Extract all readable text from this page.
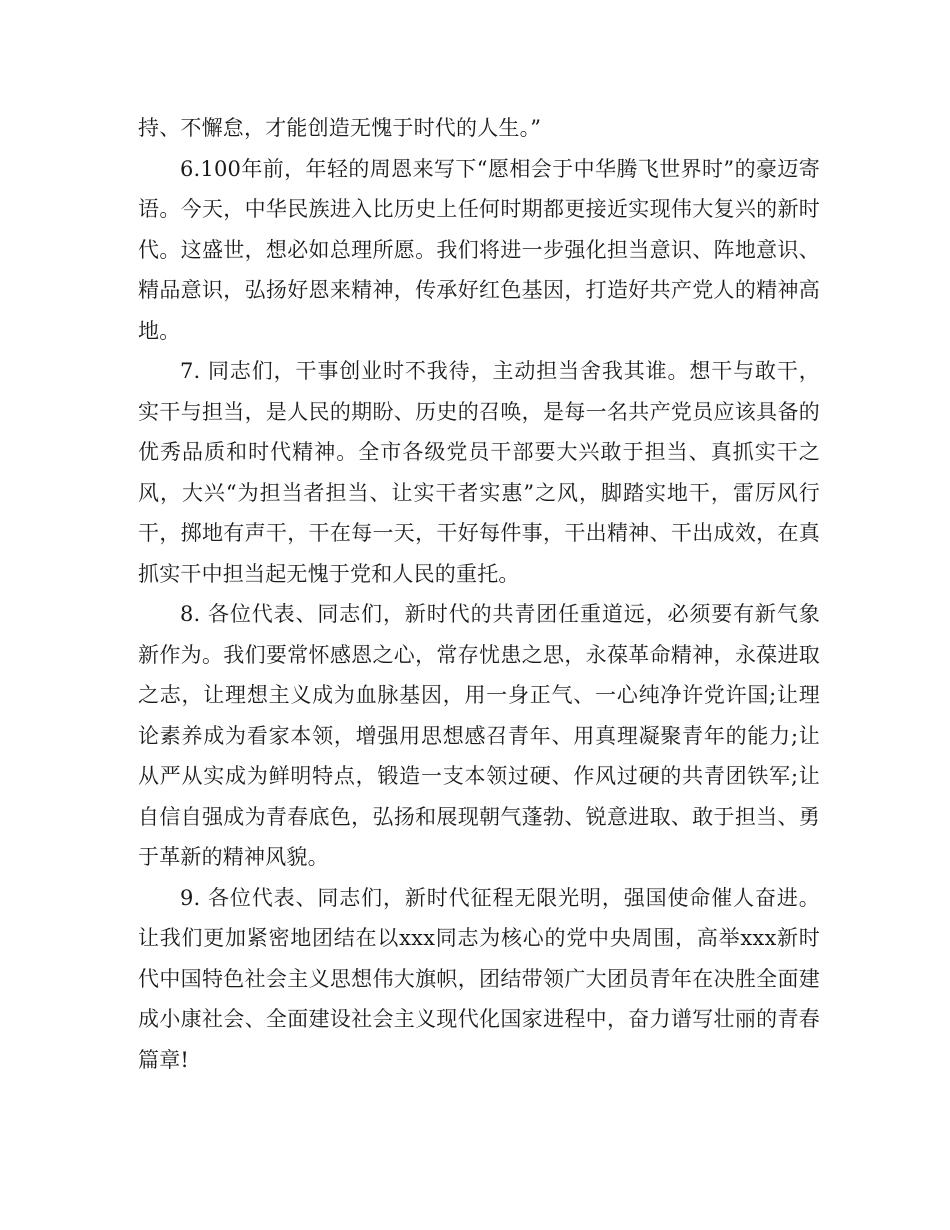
持、不懈怠，才能创造无愧于时代的人生。”

6.100年前，年轻的周恩来写下“愿相会于中华腾飞世界时”的豪迈寄语。今天，中华民族进入比历史上任何时期都更接近实现伟大复兴的新时代。这盛世，想必如总理所愿。我们将进一步强化担当意识、阵地意识、精品意识，弘扬好恩来精神，传承好红色基因，打造好共产党人的精神高地。

7. 同志们，干事创业时不我待，主动担当舍我其谁。想干与敢干，实干与担当，是人民的期盼、历史的召唤，是每一名共产党员应该具备的优秀品质和时代精神。全市各级党员干部要大兴敢于担当、真抓实干之风，大兴“为担当者担当、让实干者实惠”之风，脚踏实地干，雷厉风行干，掷地有声干，干在每一天，干好每件事，干出精神、干出成效，在真抓实干中担当起无愧于党和人民的重托。

8. 各位代表、同志们，新时代的共青团任重道远，必须要有新气象新作为。我们要常怀感恩之心，常存忧患之思，永葆革命精神，永葆进取之志，让理想主义成为血脉基因，用一身正气、一心纯净许党许国;让理论素养成为看家本领，增强用思想感召青年、用真理凝聚青年的能力;让从严从实成为鲜明特点，锻造一支本领过硬、作风过硬的共青团铁军;让自信自强成为青春底色，弘扬和展现朝气蓬勃、锐意进取、敢于担当、勇于革新的精神风貌。

9. 各位代表、同志们，新时代征程无限光明，强国使命催人奋进。让我们更加紧密地团结在以xxx同志为核心的党中央周围，高举xxx新时代中国特色社会主义思想伟大旗帜，团结带领广大团员青年在决胜全面建成小康社会、全面建设社会主义现代化国家进程中，奋力谱写壮丽的青春篇章!
